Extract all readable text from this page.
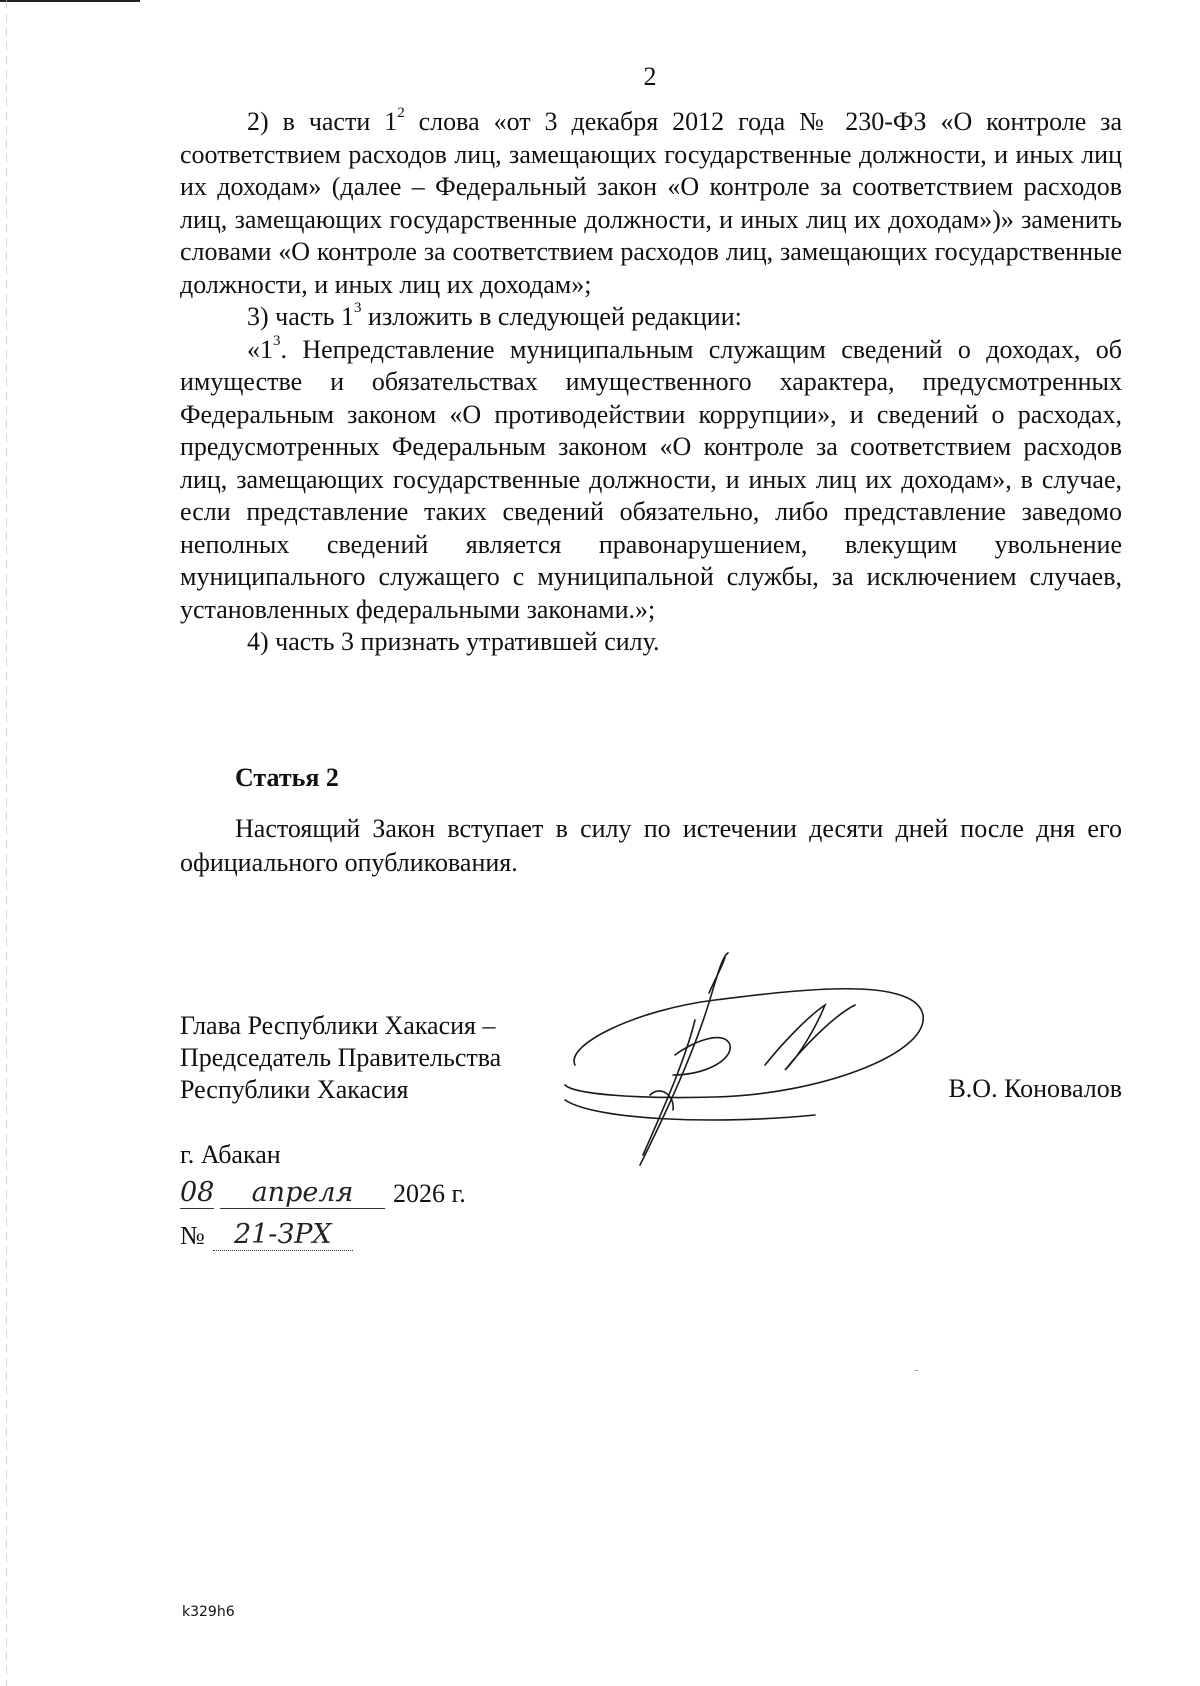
2

2) в части $1^2$ слова «от 3 декабря 2012 года № 230-ФЗ «О контроле за соответствием расходов лиц, замещающих государственные должности, и иных лиц их доходам» (далее – Федеральный закон «О контроле за соответствием расходов лиц, замещающих государственные должности, и иных лиц их доходам»)» заменить словами «О контроле за соответствием расходов лиц, замещающих государственные должности, и иных лиц их доходам»;

3) часть $1^3$ изложить в следующей редакции:

«$1^3$. Непредставление муниципальным служащим сведений о доходах, об имуществе и обязательствах имущественного характера, предусмотренных Федеральным законом «О противодействии коррупции», и сведений о расходах, предусмотренных Федеральным законом «О контроле за соответствием расходов лиц, замещающих государственные должности, и иных лиц их доходам», в случае, если представление таких сведений обязательно, либо представление заведомо неполных сведений является правонарушением, влекущим увольнение муниципального служащего с муниципальной службы, за исключением случаев, установленных федеральными законами.»;

4) часть 3 признать утратившей силу.

Статья 2

Настоящий Закон вступает в силу по истечении десяти дней после дня его официального опубликования.

Глава Республики Хакасия –
Председатель Правительства
Республики Хакасия	В.О. Коновалов
г. Абакан
08	апреля	2026 г.
№	21-ЗРХ
k329h6
